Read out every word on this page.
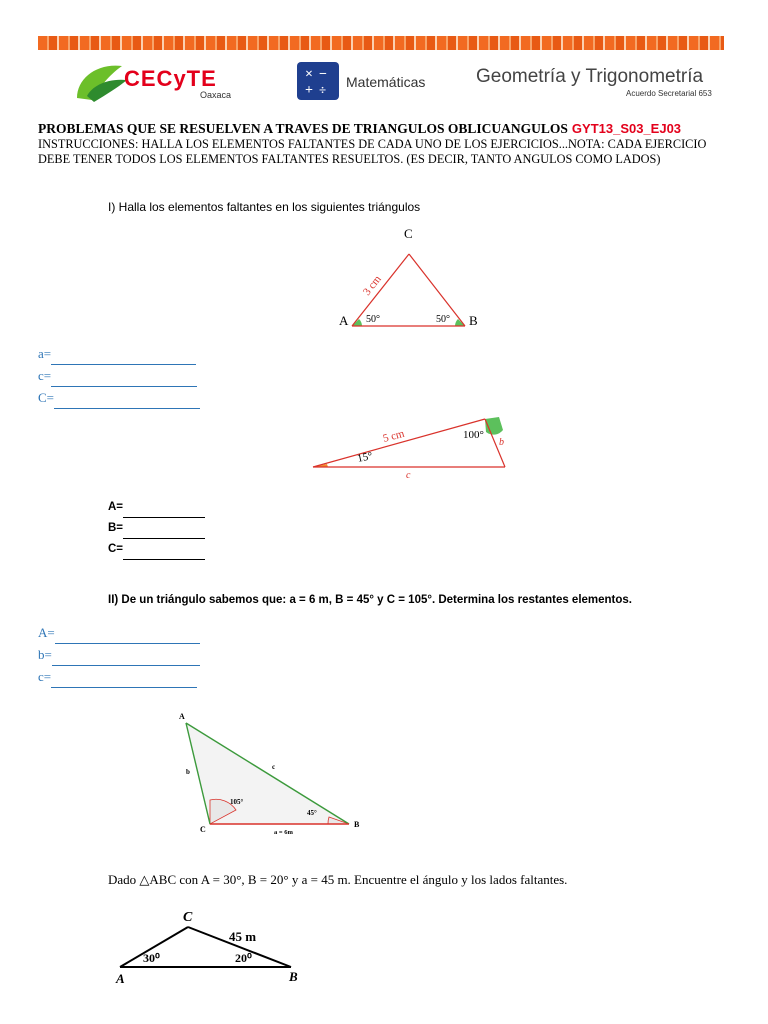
CECyTE
Oaxaca
× −
+ ÷ Matemáticas	Geometría y Trigonometría
Acuerdo Secretarial 653
PROBLEMAS QUE SE RESUELVEN A TRAVES DE TRIANGULOS OBLICUANGULOS GYT13_S03_EJ03
INSTRUCCIONES: HALLA LOS ELEMENTOS FALTANTES DE CADA UNO DE LOS EJERCICIOS...NOTA: CADA EJERCICIO DEBE TENER TODOS LOS ELEMENTOS FALTANTES RESUELTOS. (ES DECIR, TANTO ANGULOS COMO LADOS)
I) Halla los elementos faltantes en los siguientes triángulos
C
A	B
3 cm
50°	50°
a=
c=
C=
5 cm
15°
100°
b
c
A=
B=
C=
II) De un triángulo sabemos que: a = 6 m, B = 45° y C = 105°. Determina los restantes elementos.
A=
b=
c=
A
B
C
b
c
105°
45°
a = 6m
Dado △ABC con A = 30°, B = 20° y a = 45 m. Encuentre el ángulo y los lados faltantes.
C
A	B
45 m
30⁰	20⁰
